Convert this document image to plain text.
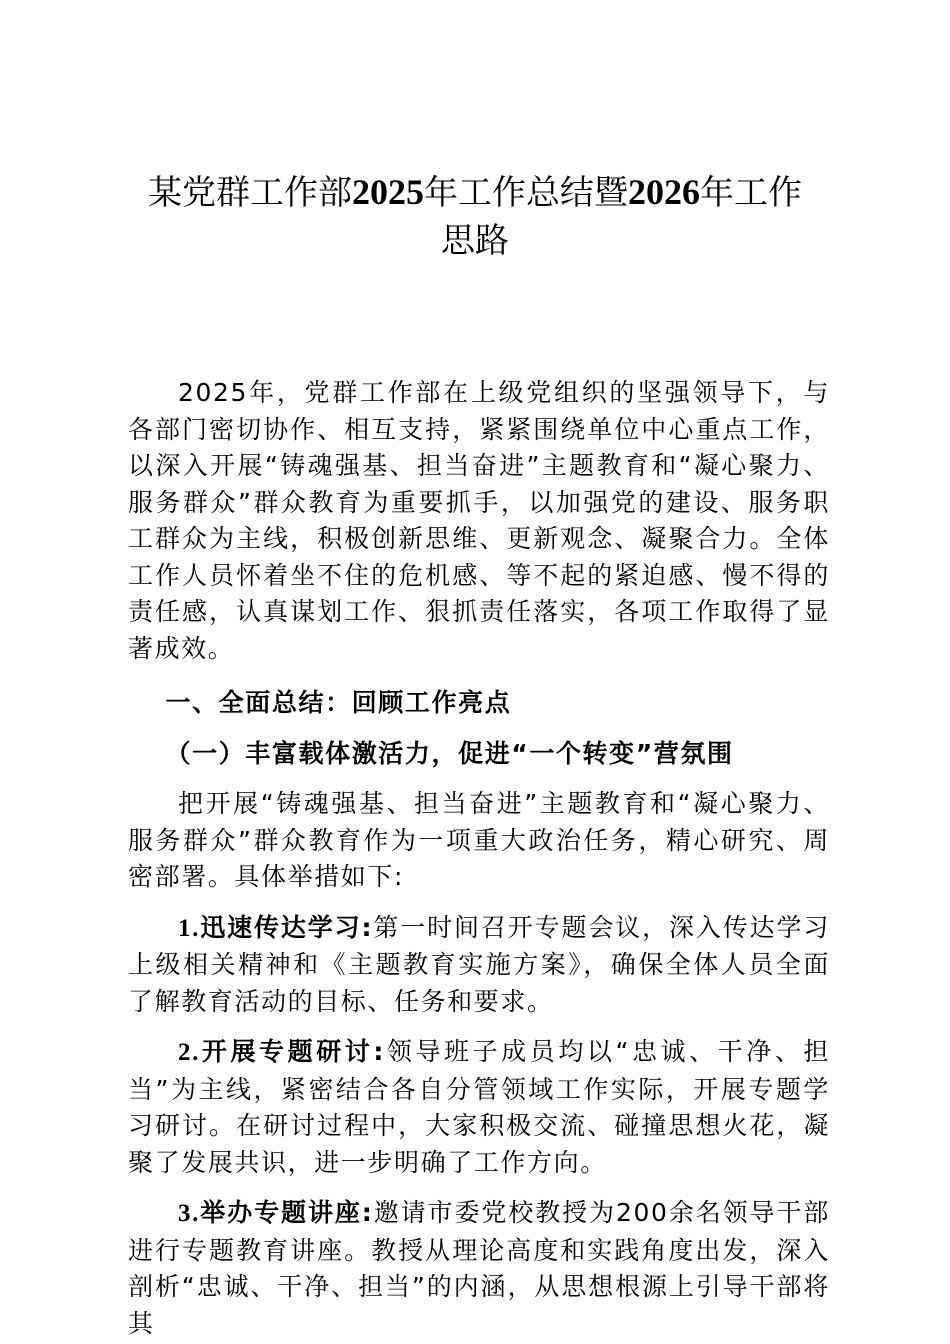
某党群工作部2025年工作总结暨2026年工作
思路

2025年，党群工作部在上级党组织的坚强领导下，与各部门密切协作、相互支持，紧紧围绕单位中心重点工作，以深入开展“铸魂强基、担当奋进”主题教育和“凝心聚力、服务群众”群众教育为重要抓手，以加强党的建设、服务职工群众为主线，积极创新思维、更新观念、凝聚合力。全体工作人员怀着坐不住的危机感、等不起的紧迫感、慢不得的责任感，认真谋划工作、狠抓责任落实，各项工作取得了显著成效。

一、全面总结：回顾工作亮点

（一）丰富载体激活力，促进“一个转变”营氛围

把开展“铸魂强基、担当奋进”主题教育和“凝心聚力、服务群众”群众教育作为一项重大政治任务，精心研究、周密部署。具体举措如下:

1.迅速传达学习:第一时间召开专题会议，深入传达学习上级相关精神和《主题教育实施方案》，确保全体人员全面了解教育活动的目标、任务和要求。

2.开展专题研讨:领导班子成员均以“忠诚、干净、担当”为主线，紧密结合各自分管领域工作实际，开展专题学习研讨。在研讨过程中，大家积极交流、碰撞思想火花，凝聚了发展共识，进一步明确了工作方向。

3.举办专题讲座:邀请市委党校教授为200余名领导干部进行专题教育讲座。教授从理论高度和实践角度出发，深入剖析“忠诚、干净、担当”的内涵，从思想根源上引导干部将其
